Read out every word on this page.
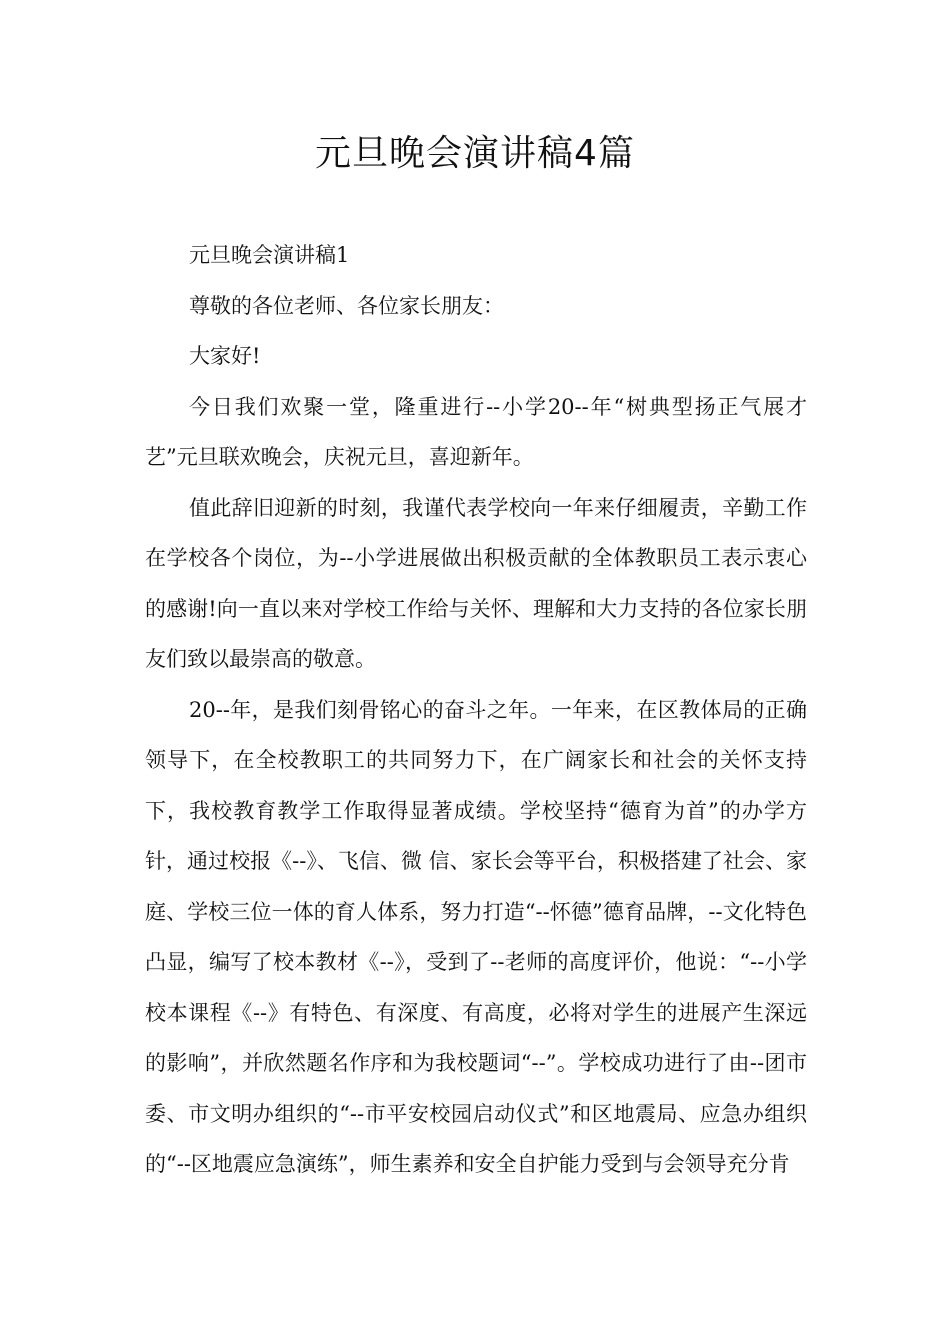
元旦晚会演讲稿4篇

元旦晚会演讲稿1

尊敬的各位老师、各位家长朋友：

大家好!

今日我们欢聚一堂，隆重进行--小学20--年“树典型扬正气展才艺”元旦联欢晚会，庆祝元旦，喜迎新年。

值此辞旧迎新的时刻，我谨代表学校向一年来仔细履责，辛勤工作在学校各个岗位，为--小学进展做出积极贡献的全体教职员工表示衷心的感谢!向一直以来对学校工作给与关怀、理解和大力支持的各位家长朋友们致以最崇高的敬意。

20--年，是我们刻骨铭心的奋斗之年。一年来，在区教体局的正确领导下，在全校教职工的共同努力下，在广阔家长和社会的关怀支持下，我校教育教学工作取得显著成绩。学校坚持“德育为首”的办学方针，通过校报《--》、飞信、微 信、家长会等平台，积极搭建了社会、家庭、学校三位一体的育人体系，努力打造“--怀德”德育品牌，--文化特色凸显，编写了校本教材《--》，受到了--老师的高度评价，他说：“--小学校本课程《--》有特色、有深度、有高度，必将对学生的进展产生深远的影响”，并欣然题名作序和为我校题词“--”。学校成功进行了由--团市委、市文明办组织的“--市平安校园启动仪式”和区地震局、应急办组织的“--区地震应急演练”，师生素养和安全自护能力受到与会领导充分肯
